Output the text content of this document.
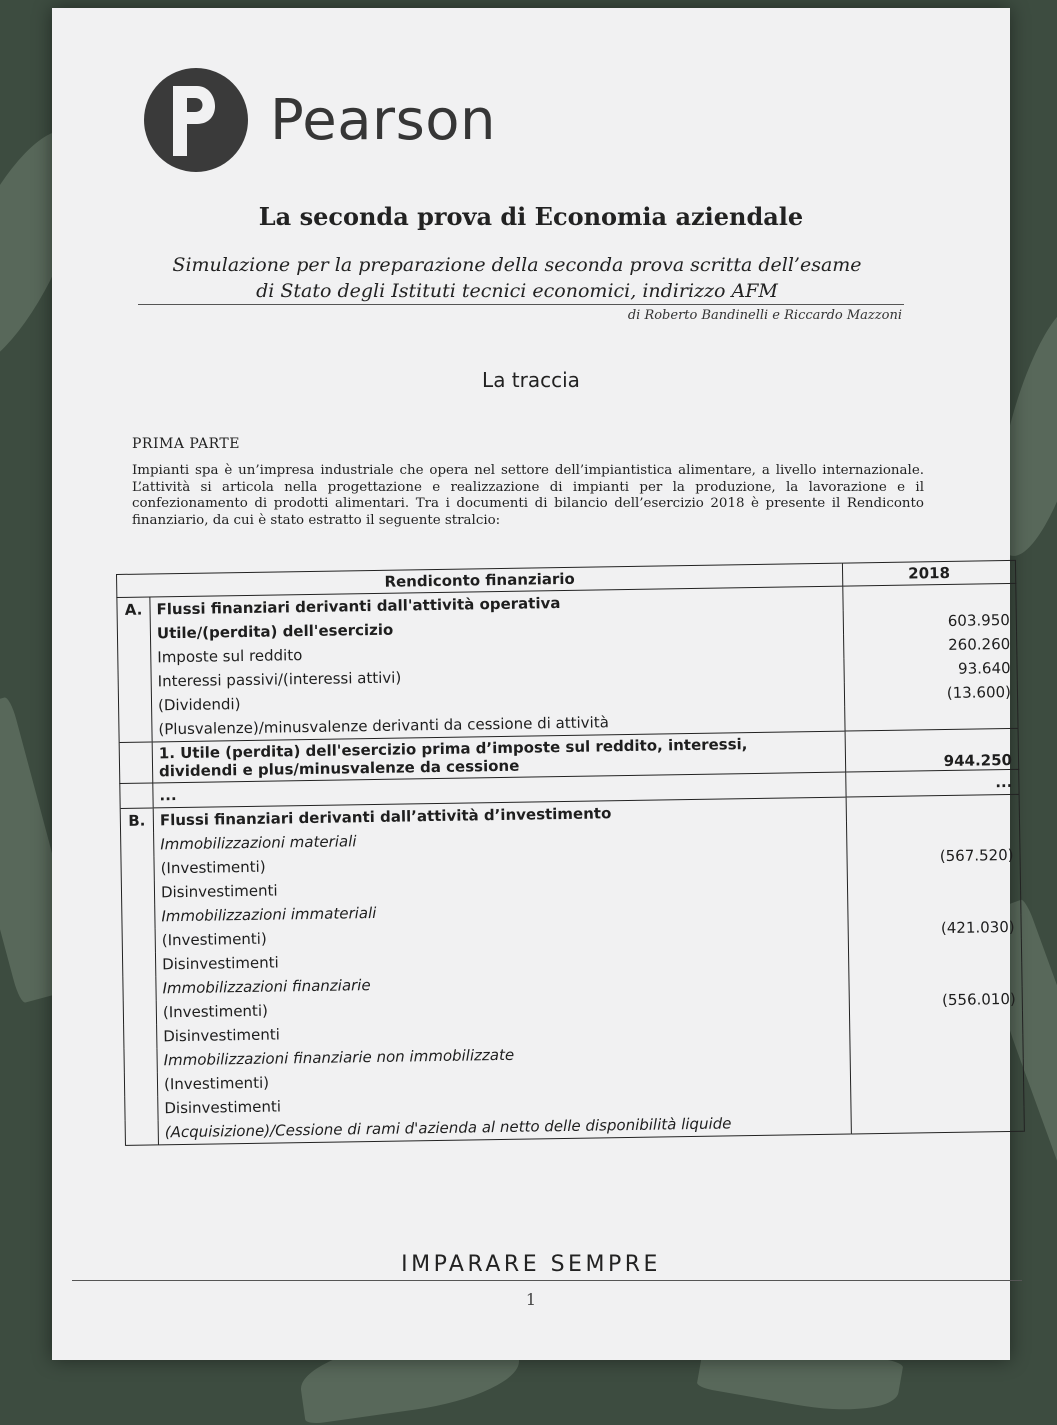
P
Pearson
La seconda prova di Economia aziendale
Simulazione per la preparazione della seconda prova scritta dell’esame
di Stato degli Istituti tecnici economici, indirizzo AFM
di Roberto Bandinelli e Riccardo Mazzoni
La traccia
PRIMA PARTE

Impianti spa è un’impresa industriale che opera nel settore dell’impiantistica alimentare, a livello internazionale. L’attività si articola nella progettazione e realizzazione di impianti per la produzione, la lavorazione e il confezionamento di prodotti alimentari. Tra i documenti di bilancio dell’esercizio 2018 è presente il Rendiconto finanziario, da cui è stato estratto il seguente stralcio:

Rendiconto finanziario		2018
A.	Flussi finanziari derivanti dall'attività operativa	
	Utile/(perdita) dell'esercizio	603.950
	Imposte sul reddito	260.260
	Interessi passivi/(interessi attivi)	93.640
	(Dividendi)	(13.600)
	(Plusvalenze)/minusvalenze derivanti da cessione di attività	

	1. Utile (perdita) dell'esercizio prima d’imposte sul reddito, interessi,
dividendi e plus/minusvalenze da cessione	944.250
	...	...
B.	Flussi finanziari derivanti dall’attività d’investimento	
	Immobilizzazioni materiali	
	(Investimenti)	(567.520)
	Disinvestimenti	
	Immobilizzazioni immateriali	
	(Investimenti)	(421.030)
	Disinvestimenti	
	Immobilizzazioni finanziarie	
	(Investimenti)	(556.010)
	Disinvestimenti	
	Immobilizzazioni finanziarie non immobilizzate	
	(Investimenti)	
	Disinvestimenti	
	(Acquisizione)/Cessione di rami d'azienda al netto delle disponibilità liquide	
IMPARARE SEMPRE
1
